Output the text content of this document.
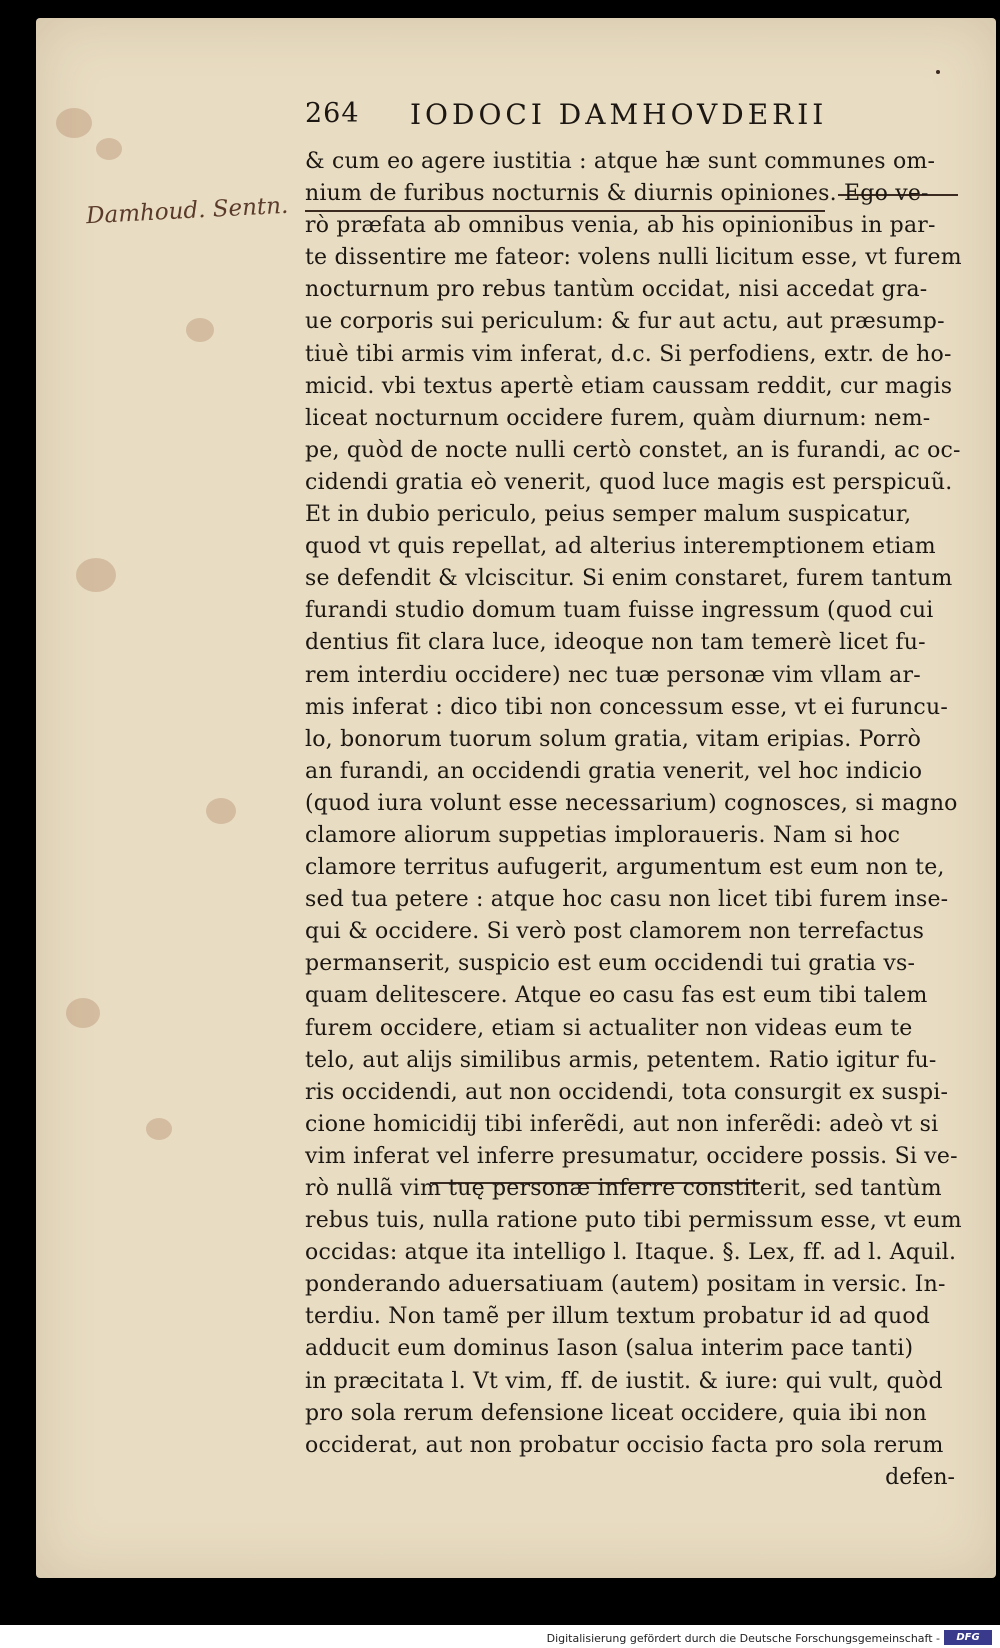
Damhoud. Sentn.
264 IODOCI DAMHOVDERII
& cum eo agere iustitia : atque hæ sunt communes om-
nium de furibus nocturnis & diurnis opiniones. Ego ve-
rò præfata ab omnibus venia, ab his opinionibus in par-
te dissentire me fateor: volens nulli licitum esse, vt furem
nocturnum pro rebus tantùm occidat, nisi accedat gra-
ue corporis sui periculum: & fur aut actu, aut præsump-
tiuè tibi armis vim inferat, d.c. Si perfodiens, extr. de ho-
micid. vbi textus apertè etiam caussam reddit, cur magis
liceat nocturnum occidere furem, quàm diurnum: nem-
pe, quòd de nocte nulli certò constet, an is furandi, ac oc-
cidendi gratia eò venerit, quod luce magis est perspicuũ.
Et in dubio periculo, peius semper malum suspicatur,
quod vt quis repellat, ad alterius interemptionem etiam
se defendit & vlciscitur. Si enim constaret, furem tantum
furandi studio domum tuam fuisse ingressum (quod cui
dentius fit clara luce, ideoque non tam temerè licet fu-
rem interdiu occidere) nec tuæ personæ vim vllam ar-
mis inferat : dico tibi non concessum esse, vt ei furuncu-
lo, bonorum tuorum solum gratia, vitam eripias. Porrò
an furandi, an occidendi gratia venerit, vel hoc indicio
(quod iura volunt esse necessarium) cognosces, si magno
clamore aliorum suppetias imploraueris. Nam si hoc
clamore territus aufugerit, argumentum est eum non te,
sed tua petere : atque hoc casu non licet tibi furem inse-
qui & occidere. Si verò post clamorem non terrefactus
permanserit, suspicio est eum occidendi tui gratia vs-
quam delitescere. Atque eo casu fas est eum tibi talem
furem occidere, etiam si actualiter non videas eum te
telo, aut alijs similibus armis, petentem. Ratio igitur fu-
ris occidendi, aut non occidendi, tota consurgit ex suspi-
cione homicidij tibi inferẽdi, aut non inferẽdi: adeò vt si
vim inferat vel inferre presumatur, occidere possis. Si ve-
rò nullã vim tuę personæ inferre constiterit, sed tantùm
rebus tuis, nulla ratione puto tibi permissum esse, vt eum
occidas: atque ita intelligo l. Itaque. §. Lex, ff. ad l. Aquil.
ponderando aduersatiuam (autem) positam in versic. In-
terdiu. Non tamẽ per illum textum probatur id ad quod
adducit eum dominus Iason (salua interim pace tanti)
in præcitata l. Vt vim, ff. de iustit. & iure: qui vult, quòd
pro sola rerum defensione liceat occidere, quia ibi non
occiderat, aut non probatur occisio facta pro sola rerum
defen-
Digitalisierung gefördert durch die Deutsche Forschungsgemeinschaft -	DFG
